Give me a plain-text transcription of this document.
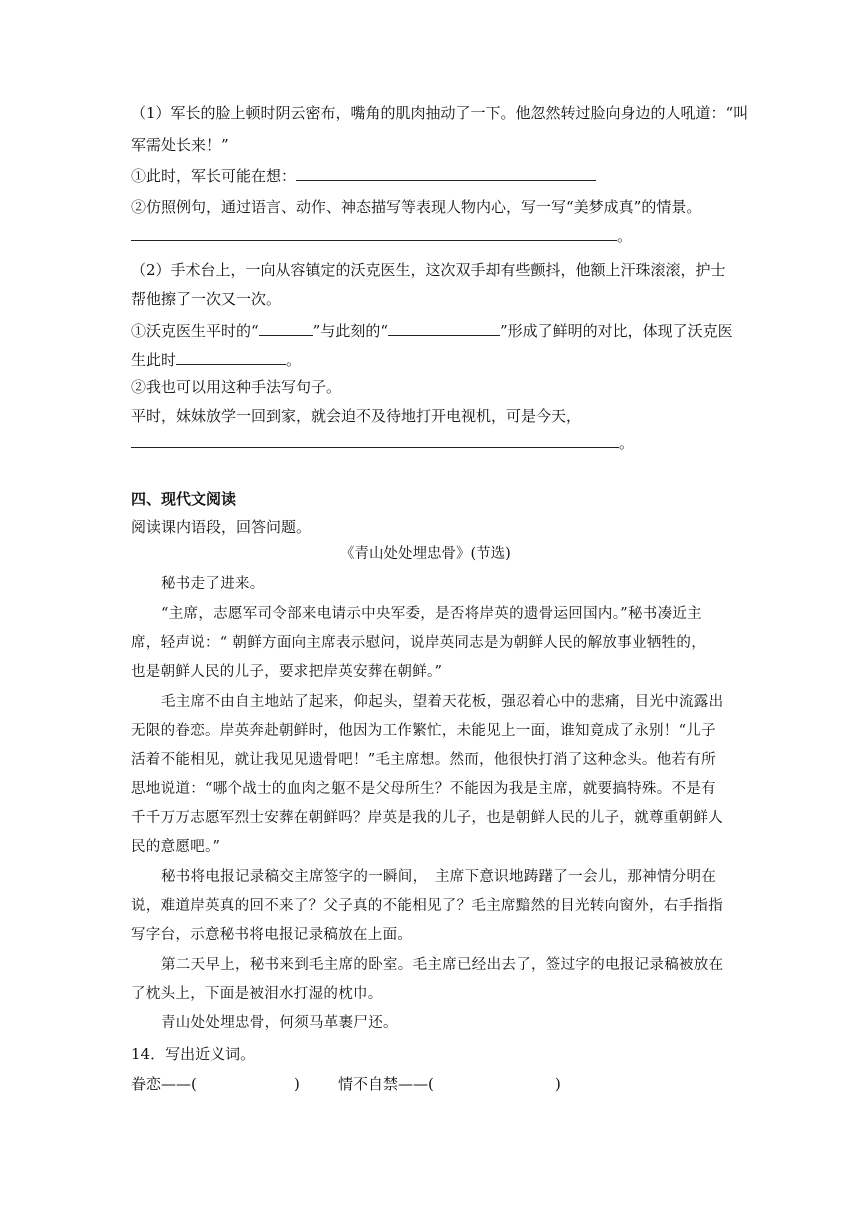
（1）军长的脸上顿时阴云密布，嘴角的肌肉抽动了一下。他忽然转过脸向身边的人吼道：“叫
军需处长来！”
①此时，军长可能在想：
②仿照例句，通过语言、动作、神态描写等表现人物内心，写一写“美梦成真”的情景。
。
（2）手术台上，一向从容镇定的沃克医生，这次双手却有些颤抖，他额上汗珠滚滚，护士
帮他擦了一次又一次。
①沃克医生平时的“	”与此刻的“	”形成了鲜明的对比，体现了沃克医
生此时	。
②我也可以用这种手法写句子。
平时，妹妹放学一回到家，就会迫不及待地打开电视机，可是今天，
。
四、现代文阅读
阅读课内语段，回答问题。
《青山处处埋忠骨》(节选)
秘书走了进来。
“主席，志愿军司令部来电请示中央军委，是否将岸英的遗骨运回国内。”秘书凑近主
席，轻声说：“ 朝鲜方面向主席表示慰问，说岸英同志是为朝鲜人民的解放事业牺牲的，
也是朝鲜人民的儿子，要求把岸英安葬在朝鲜。”
毛主席不由自主地站了起来，仰起头，望着天花板，强忍着心中的悲痛，目光中流露出
无限的眷恋。岸英奔赴朝鲜时，他因为工作繁忙，未能见上一面，谁知竟成了永别！“儿子
活着不能相见，就让我见见遗骨吧！”毛主席想。然而，他很快打消了这种念头。他若有所
思地说道：“哪个战士的血肉之躯不是父母所生？不能因为我是主席，就要搞特殊。不是有
千千万万志愿军烈士安葬在朝鲜吗？岸英是我的儿子，也是朝鲜人民的儿子，就尊重朝鲜人
民的意愿吧。”
秘书将电报记录稿交主席签字的一瞬间，　主席下意识地踌躇了一会儿，那神情分明在
说，难道岸英真的回不来了？父子真的不能相见了？毛主席黯然的目光转向窗外，右手指指
写字台，示意秘书将电报记录稿放在上面。
第二天早上，秘书来到毛主席的卧室。毛主席已经出去了，签过字的电报记录稿被放在
了枕头上，下面是被泪水打湿的枕巾。
青山处处埋忠骨，何须马革裹尸还。
14．写出近义词。
眷恋——(	)	情不自禁——(	)
